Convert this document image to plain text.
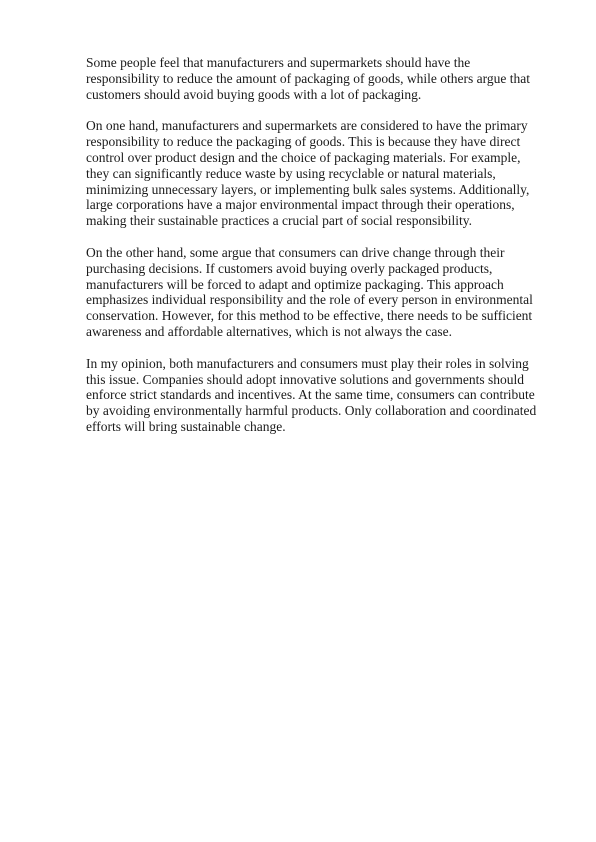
Some people feel that manufacturers and supermarkets should have the
responsibility to reduce the amount of packaging of goods, while others argue that
customers should avoid buying goods with a lot of packaging.

On one hand, manufacturers and supermarkets are considered to have the primary
responsibility to reduce the packaging of goods. This is because they have direct
control over product design and the choice of packaging materials. For example,
they can significantly reduce waste by using recyclable or natural materials,
minimizing unnecessary layers, or implementing bulk sales systems. Additionally,
large corporations have a major environmental impact through their operations,
making their sustainable practices a crucial part of social responsibility.

On the other hand, some argue that consumers can drive change through their
purchasing decisions. If customers avoid buying overly packaged products,
manufacturers will be forced to adapt and optimize packaging. This approach
emphasizes individual responsibility and the role of every person in environmental
conservation. However, for this method to be effective, there needs to be sufficient
awareness and affordable alternatives, which is not always the case.

In my opinion, both manufacturers and consumers must play their roles in solving
this issue. Companies should adopt innovative solutions and governments should
enforce strict standards and incentives. At the same time, consumers can contribute
by avoiding environmentally harmful products. Only collaboration and coordinated
efforts will bring sustainable change.
